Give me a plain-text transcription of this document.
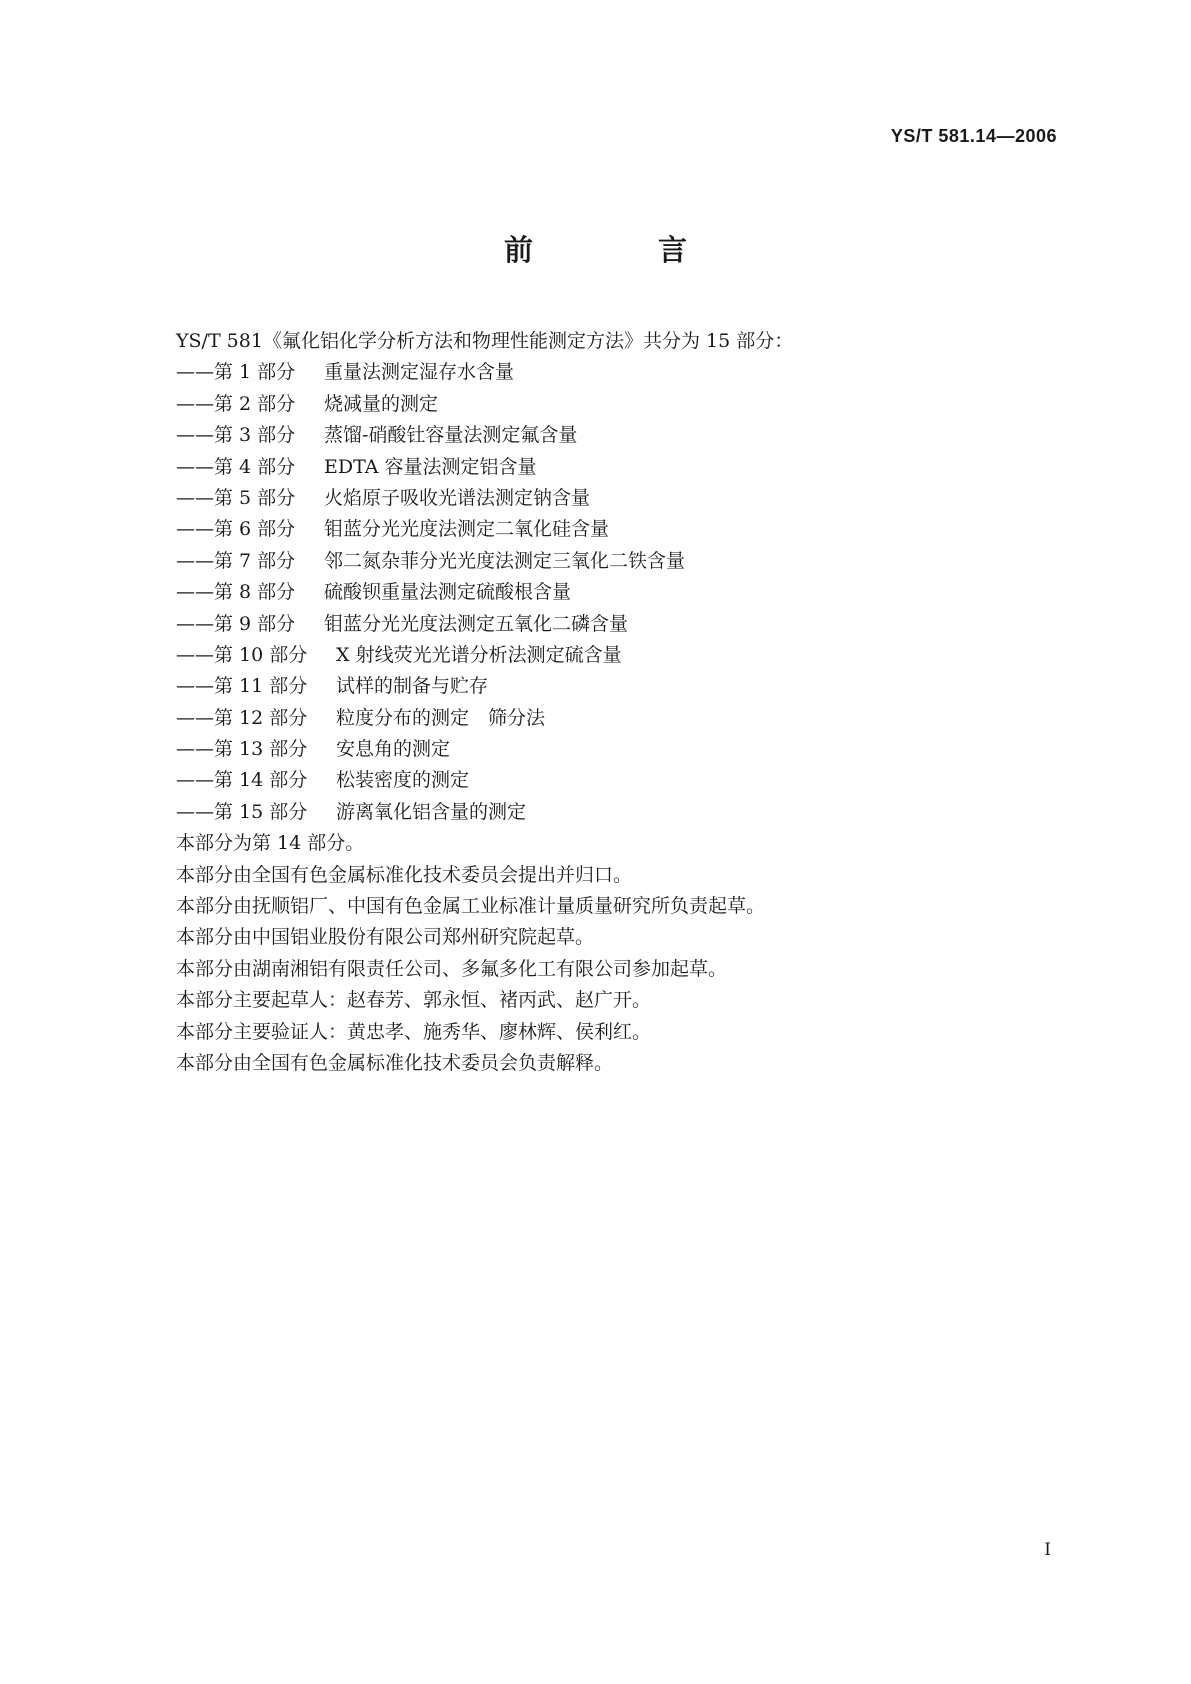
YS/T 581.14—2006
前　言
YS/T 581《氟化铝化学分析方法和物理性能测定方法》共分为 15 部分：
——第 1 部分 重量法测定湿存水含量
——第 2 部分 烧减量的测定
——第 3 部分 蒸馏-硝酸钍容量法测定氟含量
——第 4 部分 EDTA 容量法测定铝含量
——第 5 部分 火焰原子吸收光谱法测定钠含量
——第 6 部分 钼蓝分光光度法测定二氧化硅含量
——第 7 部分 邻二氮杂菲分光光度法测定三氧化二铁含量
——第 8 部分 硫酸钡重量法测定硫酸根含量
——第 9 部分 钼蓝分光光度法测定五氧化二磷含量
——第 10 部分 X 射线荧光光谱分析法测定硫含量
——第 11 部分 试样的制备与贮存
——第 12 部分 粒度分布的测定　筛分法
——第 13 部分 安息角的测定
——第 14 部分 松装密度的测定
——第 15 部分 游离氧化铝含量的测定
本部分为第 14 部分。
本部分由全国有色金属标准化技术委员会提出并归口。
本部分由抚顺铝厂、中国有色金属工业标准计量质量研究所负责起草。
本部分由中国铝业股份有限公司郑州研究院起草。
本部分由湖南湘铝有限责任公司、多氟多化工有限公司参加起草。
本部分主要起草人：赵春芳、郭永恒、褚丙武、赵广开。
本部分主要验证人：黄忠孝、施秀华、廖林辉、侯利红。
本部分由全国有色金属标准化技术委员会负责解释。
I
